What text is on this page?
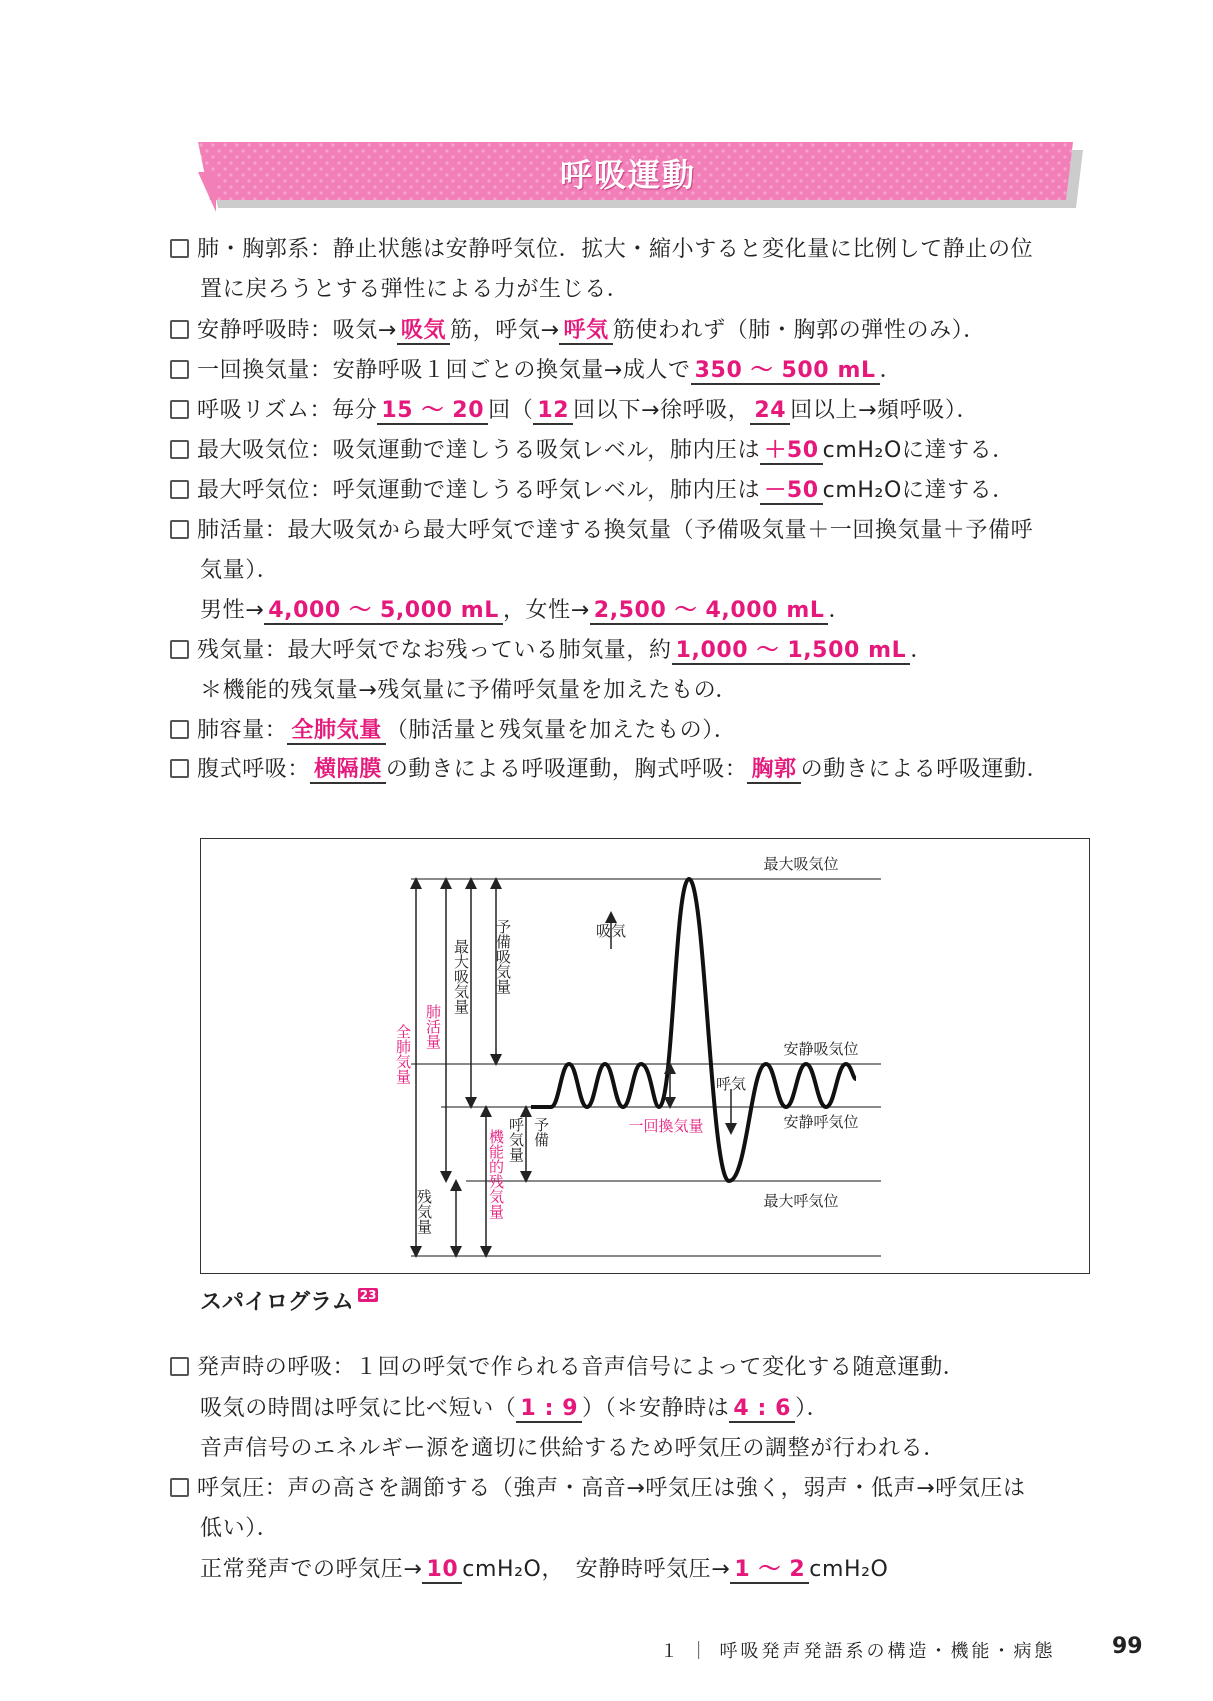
呼吸運動
肺・胸郭系：静止状態は安静呼気位．拡大・縮小すると変化量に比例して静止の位
置に戻ろうとする弾性による力が生じる．
安静呼吸時：吸気→ 吸気 筋，呼気→ 呼気 筋使われず（肺・胸郭の弾性のみ）．
一回換気量：安静呼吸１回ごとの換気量→成人で 350 ～ 500 mL ．
呼吸リズム：毎分 15 ～ 20 回（ 12 回以下→徐呼吸， 24 回以上→頻呼吸）．
最大吸気位：吸気運動で達しうる吸気レベル，肺内圧は ＋50 cmH₂Oに達する．
最大呼気位：呼気運動で達しうる呼気レベル，肺内圧は －50 cmH₂Oに達する．
肺活量：最大吸気から最大呼気で達する換気量（予備吸気量＋一回換気量＋予備呼
気量）．
男性→ 4,000 ～ 5,000 mL ，女性→ 2,500 ～ 4,000 mL ．
残気量：最大呼気でなお残っている肺気量，約 1,000 ～ 1,500 mL ．
＊機能的残気量→残気量に予備呼気量を加えたもの．
肺容量： 全肺気量 （肺活量と残気量を加えたもの）．
腹式呼吸： 横隔膜 の動きによる呼吸運動，胸式呼吸： 胸郭 の動きによる呼吸運動．
最大吸気位
安静吸気位
安静呼気位
最大呼気位
吸気
呼気
一回換気量
全肺気量 肺活量
最大吸気量 予備吸気量
機能的残気量
残気量
予備
呼気量
スパイログラム $^{23}$
発声時の呼吸：１回の呼気で作られる音声信号によって変化する随意運動．
吸気の時間は呼気に比べ短い（ 1 : 9 ）（＊安静時は 4 : 6 ）．
音声信号のエネルギー源を適切に供給するため呼気圧の調整が行われる．
呼気圧：声の高さを調節する（強声・高音→呼気圧は強く，弱声・低声→呼気圧は
低い）．
正常発声での呼気圧→ 10 cmH₂O，　安静時呼気圧→ 1 ～ 2 cmH₂O
１ ｜ 呼吸発声発語系の構造・機能・病態	99
